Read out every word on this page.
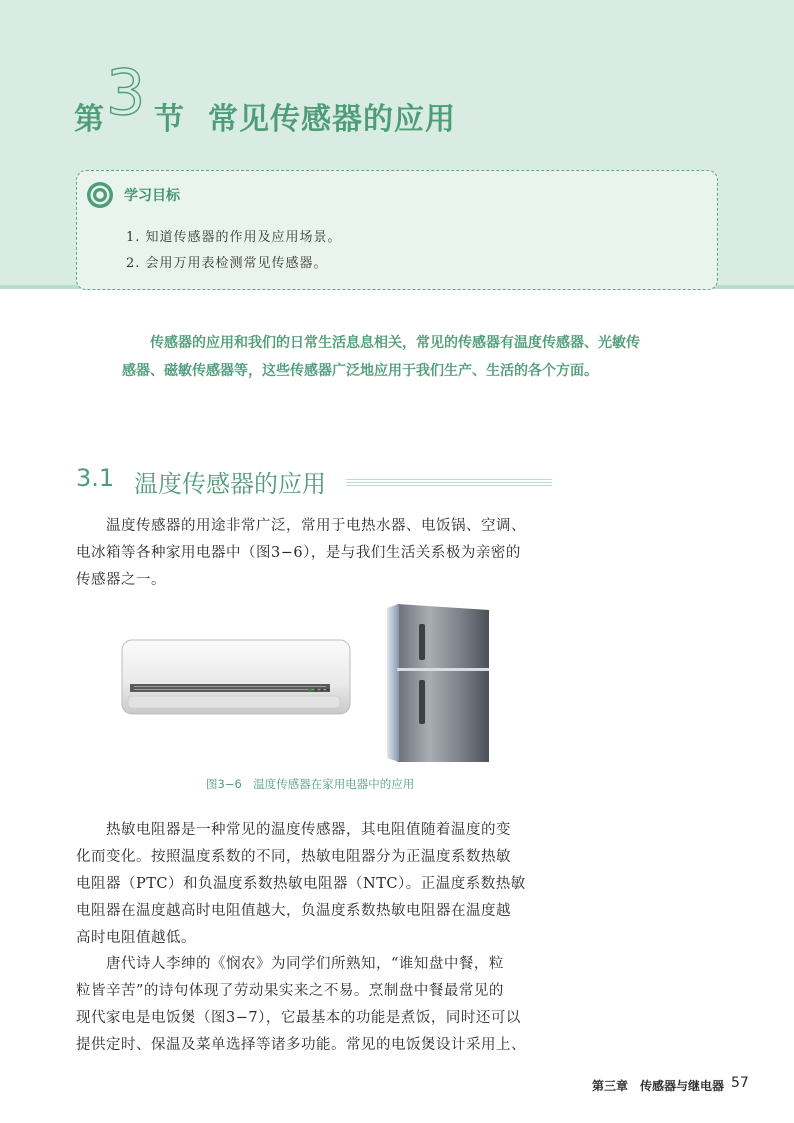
第 3 节 常见传感器的应用
学习目标
1. 知道传感器的作用及应用场景。
2. 会用万用表检测常见传感器。
传感器的应用和我们的日常生活息息相关，常见的传感器有温度传感器、光敏传
感器、磁敏传感器等，这些传感器广泛地应用于我们生产、生活的各个方面。
3.1 温度传感器的应用
　　温度传感器的用途非常广泛，常用于电热水器、电饭锅、空调、
电冰箱等各种家用电器中（图3−6），是与我们生活关系极为亲密的
传感器之一。
图3−6　温度传感器在家用电器中的应用
　　热敏电阻器是一种常见的温度传感器，其电阻值随着温度的变
化而变化。按照温度系数的不同，热敏电阻器分为正温度系数热敏
电阻器（PTC）和负温度系数热敏电阻器（NTC）。正温度系数热敏
电阻器在温度越高时电阻值越大，负温度系数热敏电阻器在温度越
高时电阻值越低。
　　唐代诗人李绅的《悯农》为同学们所熟知，“谁知盘中餐，粒
粒皆辛苦”的诗句体现了劳动果实来之不易。烹制盘中餐最常见的
现代家电是电饭煲（图3−7），它最基本的功能是煮饭，同时还可以
提供定时、保温及菜单选择等诸多功能。常见的电饭煲设计采用上、
第三章　传感器与继电器 57
